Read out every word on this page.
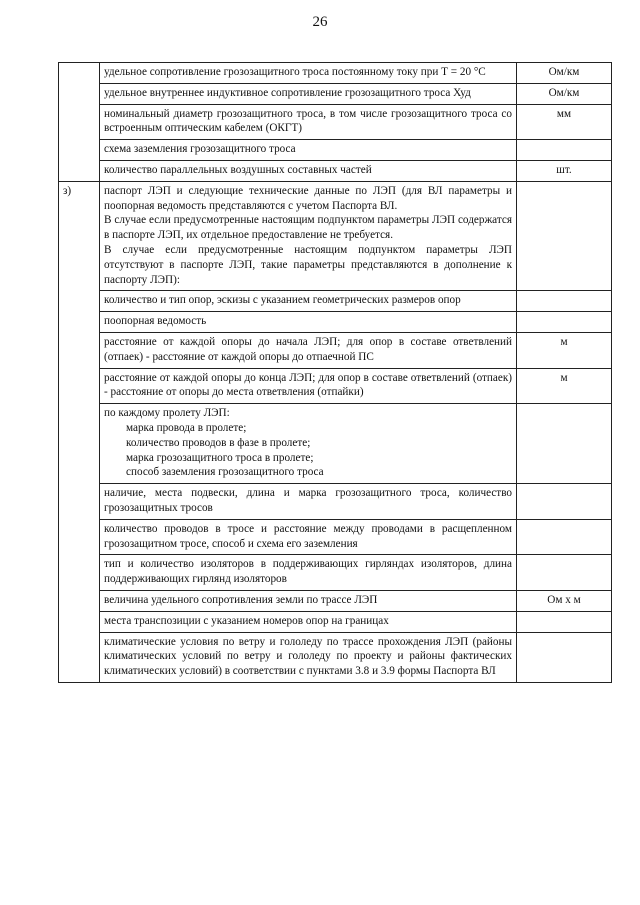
26
	удельное сопротивление грозозащитного троса постоянному току при Т = 20 °С	Ом/км
	удельное внутреннее индуктивное сопротивление грозозащитного троса Худ	Ом/км
	номинальный диаметр грозозащитного троса, в том числе грозозащитного троса со встроенным оптическим кабелем (ОКГТ)	мм
	схема заземления грозозащитного троса	
	количество параллельных воздушных составных частей	шт.
з)	паспорт ЛЭП и следующие технические данные по ЛЭП (для ВЛ параметры и поопорная ведомость представляются с учетом Паспорта ВЛ.
В случае если предусмотренные настоящим подпунктом параметры ЛЭП содержатся в паспорте ЛЭП, их отдельное предоставление не требуется.
В случае если предусмотренные настоящим подпунктом параметры ЛЭП отсутствуют в паспорте ЛЭП, такие параметры представляются в дополнение к паспорту ЛЭП):	

	количество и тип опор, эскизы с указанием геометрических размеров опор	
	поопорная ведомость	
	расстояние от каждой опоры до начала ЛЭП; для опор в составе ответвлений (отпаек) - расстояние от каждой опоры до отпаечной ПС	м
	расстояние от каждой опоры до конца ЛЭП; для опор в составе ответвлений (отпаек) - расстояние от опоры до места ответвления (отпайки)	м

	по каждому пролету ЛЭП:
марка провода в пролете;
количество проводов в фазе в пролете;
марка грозозащитного троса в пролете;
способ заземления грозозащитного троса	

	наличие, места подвески, длина и марка грозозащитного троса, количество грозозащитных тросов	
	количество проводов в тросе и расстояние между проводами в расщепленном грозозащитном тросе, способ и схема его заземления	
	тип и количество изоляторов в поддерживающих гирляндах изоляторов, длина поддерживающих гирлянд изоляторов	
	величина удельного сопротивления земли по трассе ЛЭП	Ом х м
	места транспозиции с указанием номеров опор на границах	
	климатические условия по ветру и гололеду по трассе прохождения ЛЭП (районы климатических условий по ветру и гололеду по проекту и районы фактических климатических условий) в соответствии с пунктами 3.8 и 3.9 формы Паспорта ВЛ	
